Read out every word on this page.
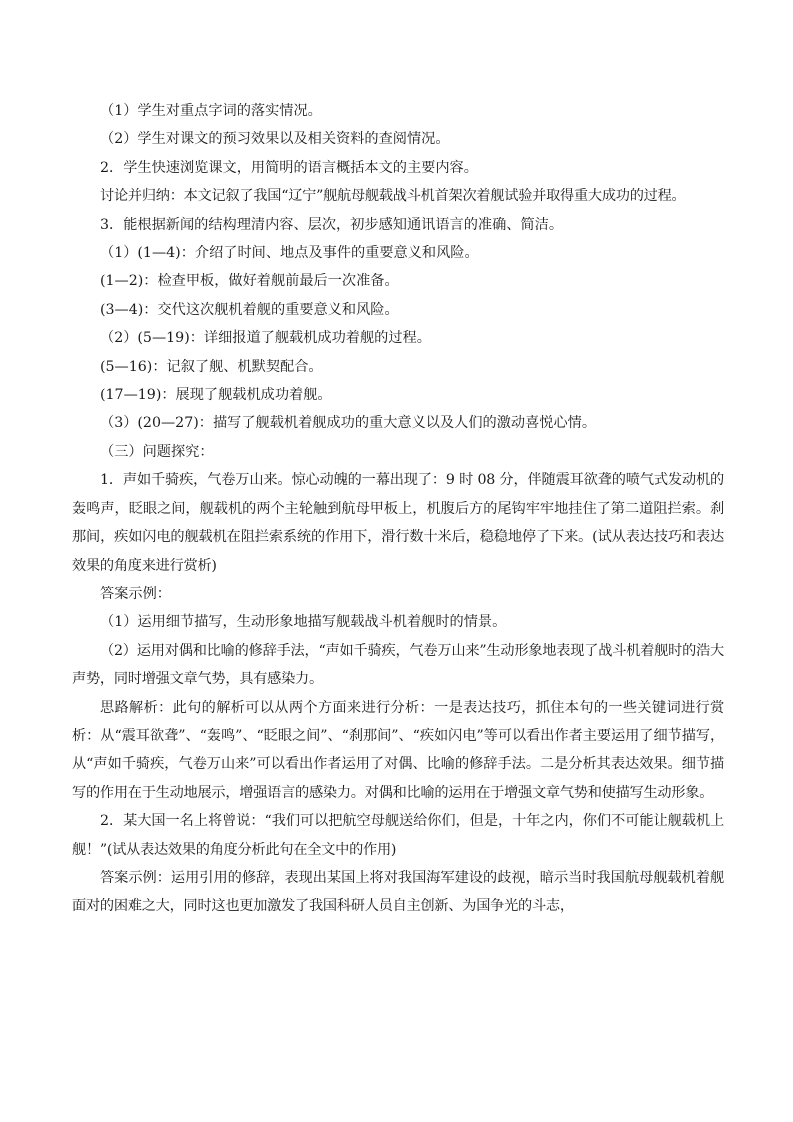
（1）学生对重点字词的落实情况。

（2）学生对课文的预习效果以及相关资料的查阅情况。

2．学生快速浏览课文，用简明的语言概括本文的主要内容。

讨论并归纳：本文记叙了我国“辽宁”舰航母舰载战斗机首架次着舰试验并取得重大成功的过程。

3．能根据新闻的结构理清内容、层次，初步感知通讯语言的准确、简洁。

（1）(1—4)：介绍了时间、地点及事件的重要意义和风险。

(1—2)：检查甲板，做好着舰前最后一次准备。

(3—4)：交代这次舰机着舰的重要意义和风险。

（2）(5—19)：详细报道了舰载机成功着舰的过程。

(5—16)：记叙了舰、机默契配合。

(17—19)：展现了舰载机成功着舰。

（3）(20—27)：描写了舰载机着舰成功的重大意义以及人们的激动喜悦心情。

（三）问题探究：

1．声如千骑疾，气卷万山来。惊心动魄的一幕出现了：9 时 08 分，伴随震耳欲聋的喷气式发动机的轰鸣声，眨眼之间，舰载机的两个主轮触到航母甲板上，机腹后方的尾钩牢牢地挂住了第二道阻拦索。刹那间，疾如闪电的舰载机在阻拦索系统的作用下，滑行数十米后，稳稳地停了下来。(试从表达技巧和表达效果的角度来进行赏析)

答案示例：

（1）运用细节描写，生动形象地描写舰载战斗机着舰时的情景。

（2）运用对偶和比喻的修辞手法，“声如千骑疾，气卷万山来”生动形象地表现了战斗机着舰时的浩大声势，同时增强文章气势，具有感染力。

思路解析：此句的解析可以从两个方面来进行分析：一是表达技巧，抓住本句的一些关键词进行赏析：从“震耳欲聋”、“轰鸣”、“眨眼之间”、“刹那间”、“疾如闪电”等可以看出作者主要运用了细节描写，从“声如千骑疾，气卷万山来”可以看出作者运用了对偶、比喻的修辞手法。二是分析其表达效果。细节描写的作用在于生动地展示，增强语言的感染力。对偶和比喻的运用在于增强文章气势和使描写生动形象。

2．某大国一名上将曾说：“我们可以把航空母舰送给你们，但是，十年之内，你们不可能让舰载机上舰！”(试从表达效果的角度分析此句在全文中的作用)

答案示例：运用引用的修辞，表现出某国上将对我国海军建设的歧视，暗示当时我国航母舰载机着舰面对的困难之大，同时这也更加激发了我国科研人员自主创新、为国争光的斗志，
